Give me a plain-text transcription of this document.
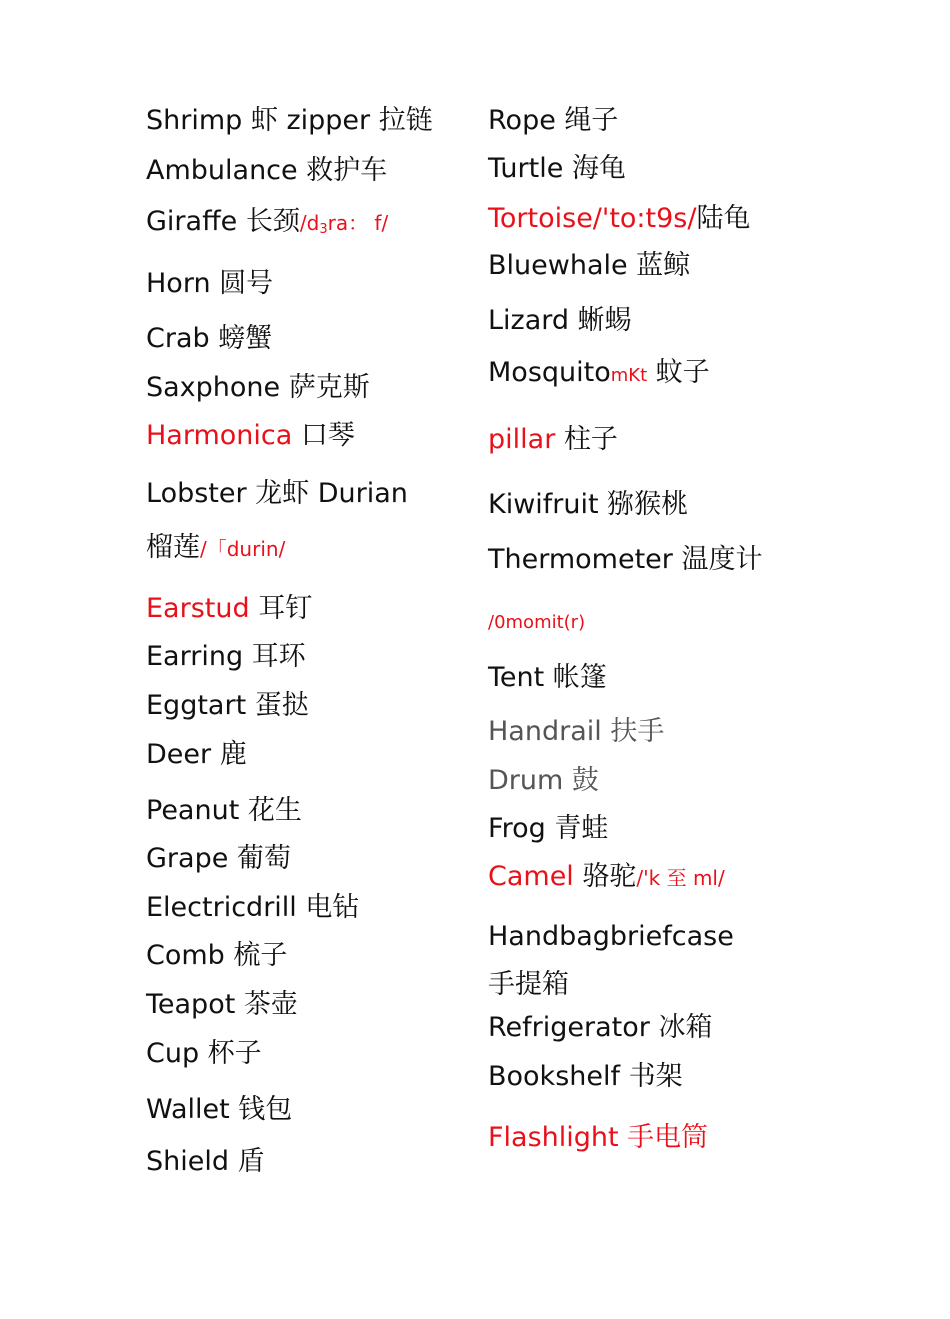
Shrimp 虾 zipper 拉链
Ambulance 救护车
Giraffe 长颈$/d_3ra$： f/
Horn 圆号
Crab 螃蟹
Saxphone 萨克斯
Harmonica 口琴
Lobster 龙虾 Durian
榴莲/「durin/
Earstud 耳钉
Earring 耳环
Eggtart 蛋挞
Deer 鹿
Peanut 花生
Grape 葡萄
Electricdrill 电钻
Comb 梳子
Teapot 茶壶
Cup 杯子
Wallet 钱包
Shield 盾
Rope 绳子
Turtle 海龟
Tortoise/'to:t9s/陆龟
Bluewhale 蓝鲸
Lizard 蜥蜴
MosquitomKt 蚊子
pillar 柱子
Kiwifruit 猕猴桃
Thermometer 温度计
/0momit(r)
Tent 帐篷
Handrail 扶手
Drum 鼓
Frog 青蛙
Camel 骆驼/'k 至 ml/
Handbagbriefcase
手提箱
Refrigerator 冰箱
Bookshelf 书架
Flashlight 手电筒
